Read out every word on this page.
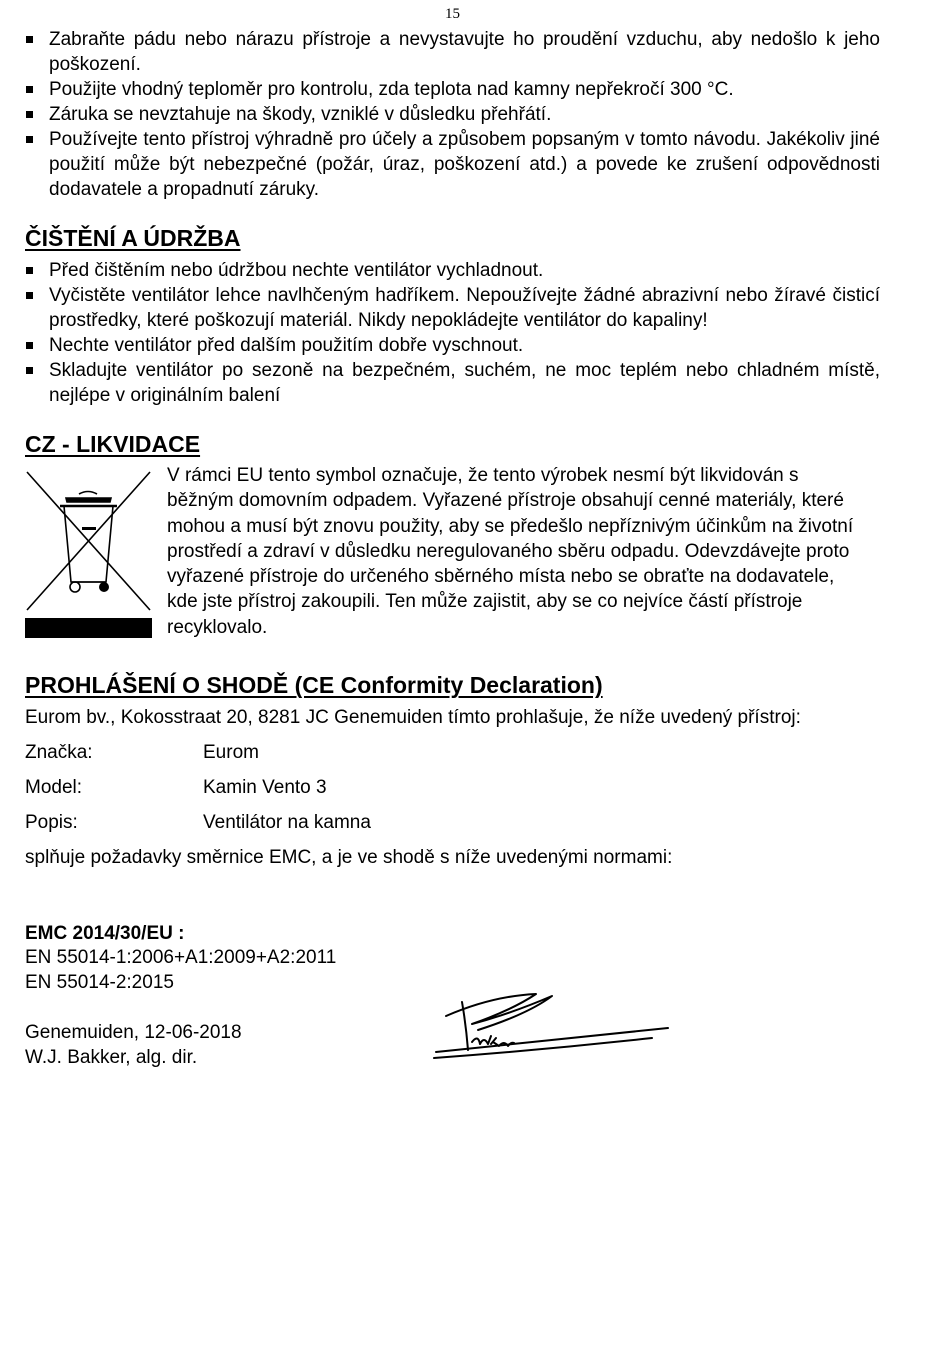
15
Zabraňte pádu nebo nárazu přístroje a nevystavujte ho proudění vzduchu, aby nedošlo k jeho poškození.
Použijte vhodný teploměr pro kontrolu, zda teplota nad kamny nepřekročí 300 °C.
Záruka se nevztahuje na škody, vzniklé v důsledku přehřátí.
Používejte tento přístroj výhradně pro účely a způsobem popsaným v tomto návodu. Jakékoliv jiné použití může být nebezpečné (požár, úraz, poškození atd.) a povede ke zrušení odpovědnosti dodavatele a propadnutí záruky.
ČIŠTĚNÍ A ÚDRŽBA
Před čištěním nebo údržbou nechte ventilátor vychladnout.
Vyčistěte ventilátor lehce navlhčeným hadříkem. Nepoužívejte žádné abrazivní nebo žíravé čisticí prostředky, které poškozují materiál. Nikdy nepokládejte ventilátor do kapaliny!
Nechte ventilátor před dalším použitím dobře vyschnout.
Skladujte ventilátor po sezoně na bezpečném, suchém, ne moc teplém nebo chladném místě, nejlépe v originálním balení
CZ - LIKVIDACE

V rámci EU tento symbol označuje, že tento výrobek nesmí být likvidován s běžným domovním odpadem. Vyřazené přístroje obsahují cenné materiály, které mohou a musí být znovu použity, aby se předešlo nepříznivým účinkům na životní prostředí a zdraví v důsledku neregulovaného sběru odpadu. Odevzdávejte proto vyřazené přístroje do určeného sběrného místa nebo se obraťte na dodavatele, kde jste přístroj zakoupili. Ten může zajistit, aby se co nejvíce částí přístroje recyklovalo.

PROHLÁŠENÍ O SHODĚ (CE Conformity Declaration)

Eurom bv., Kokosstraat 20, 8281 JC Genemuiden tímto prohlašuje, že níže uvedený přístroj:

Značka:	Eurom
Model:	Kamin Vento 3
Popis:	Ventilátor na kamna

splňuje požadavky směrnice EMC, a je ve shodě s níže uvedenými normami:

EMC 2014/30/EU :

EN 55014-1:2006+A1:2009+A2:2011

EN 55014-2:2015

Genemuiden, 12-06-2018

W.J. Bakker, alg. dir.
